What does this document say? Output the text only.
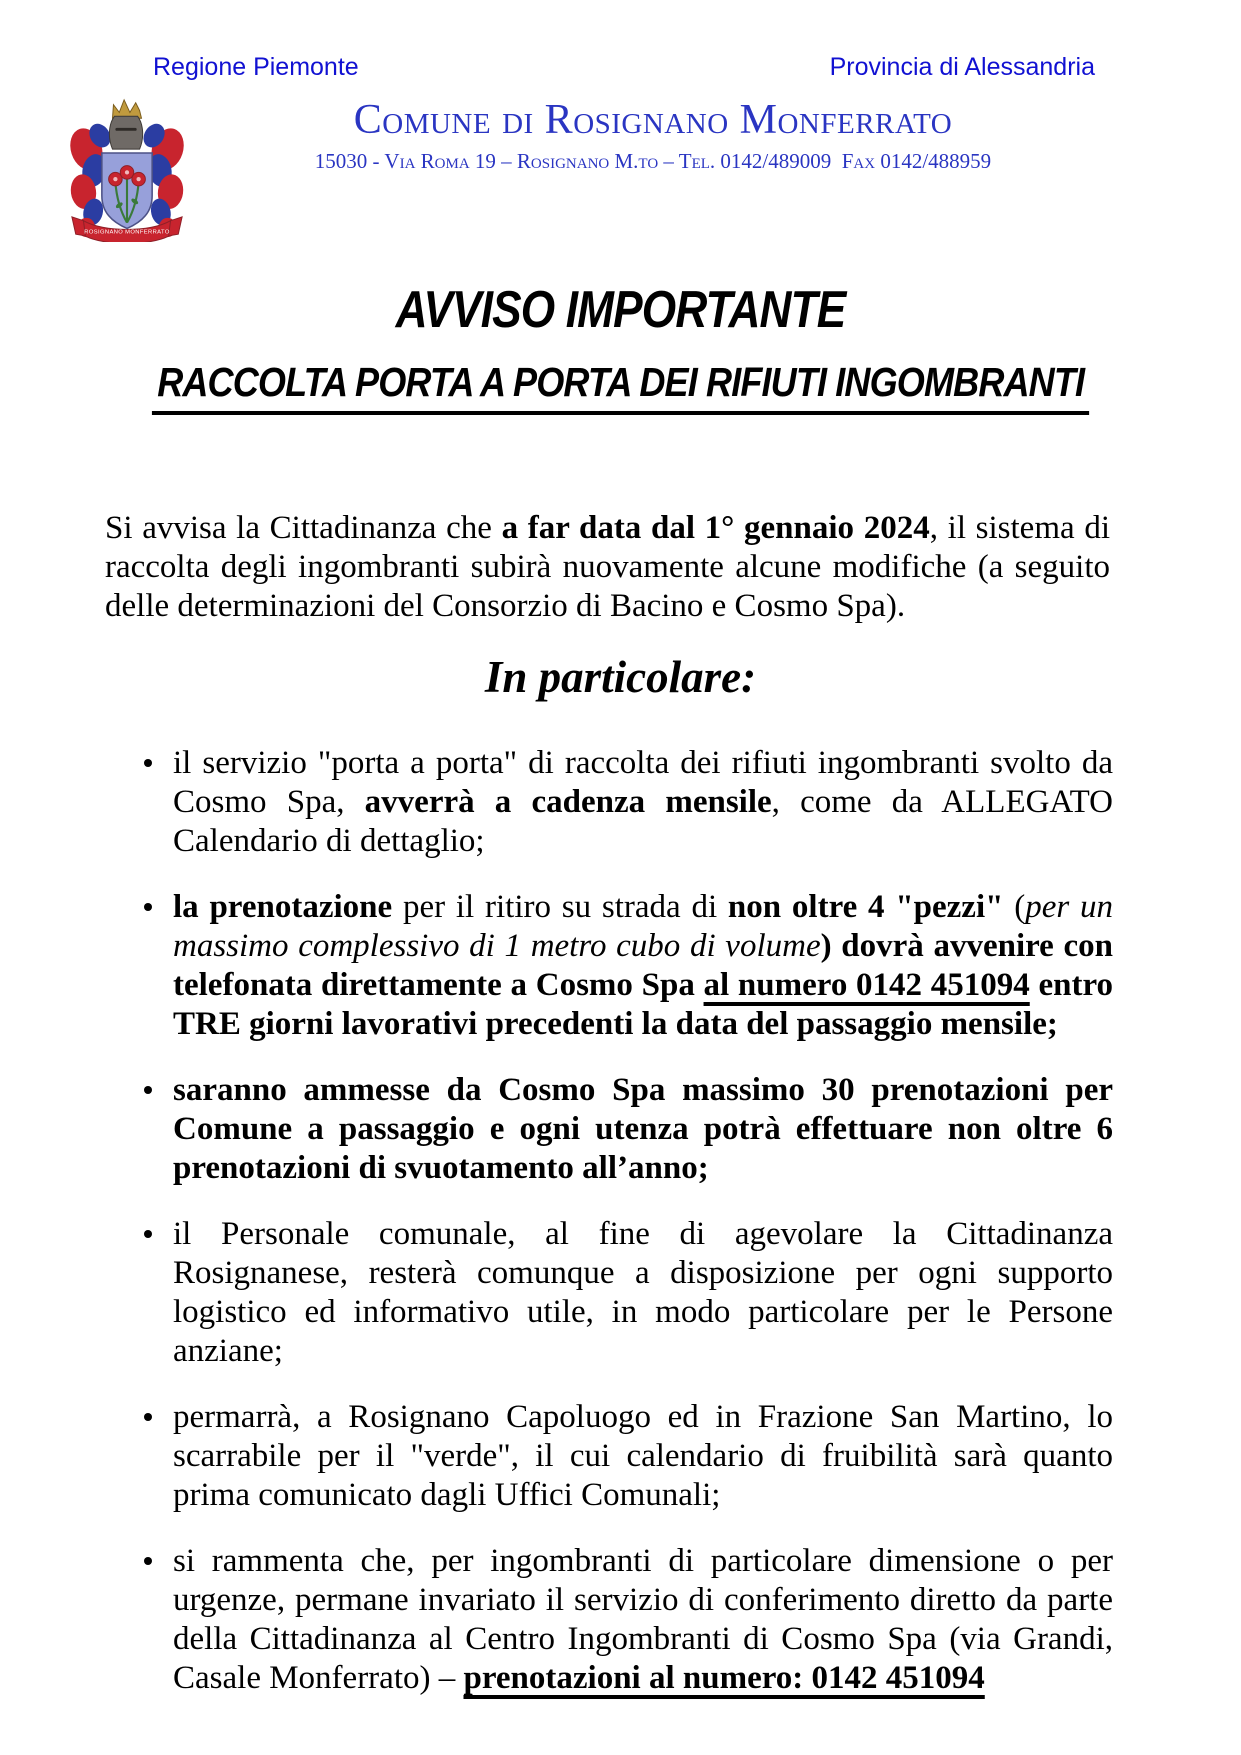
Regione Piemonte	Provincia di Alessandria
ROSIGNANO MONFERRATO
Comune di Rosignano Monferrato
15030 - Via Roma 19 – Rosignano M.to – Tel. 0142/489009  Fax 0142/488959
AVVISO IMPORTANTE
RACCOLTA PORTA A PORTA DEI RIFIUTI INGOMBRANTI

Si avvisa la Cittadinanza che a far data dal 1° gennaio 2024, il sistema di raccolta degli ingombranti subirà nuovamente alcune modifiche (a seguito delle determinazioni del Consorzio di Bacino e Cosmo Spa).

In particolare:
il servizio "porta a porta" di raccolta dei rifiuti ingombranti svolto da Cosmo Spa, avverrà a cadenza mensile, come da ALLEGATO Calendario di dettaglio;
la prenotazione per il ritiro su strada di non oltre 4 "pezzi" (per un massimo complessivo di 1 metro cubo di volume) dovrà avvenire con telefonata direttamente a Cosmo Spa al numero 0142 451094 entro TRE giorni lavorativi precedenti la data del passaggio mensile;
saranno ammesse da Cosmo Spa massimo 30 prenotazioni per Comune a passaggio e ogni utenza potrà effettuare non oltre 6 prenotazioni di svuotamento all’anno;
il Personale comunale, al fine di agevolare la Cittadinanza Rosignanese, resterà comunque a disposizione per ogni supporto logistico ed informativo utile, in modo particolare per le Persone anziane;
permarrà, a Rosignano Capoluogo ed in Frazione San Martino, lo scarrabile per il "verde", il cui calendario di fruibilità sarà quanto prima comunicato dagli Uffici Comunali;
si rammenta che, per ingombranti di particolare dimensione o per urgenze, permane invariato il servizio di conferimento diretto da parte della Cittadinanza al Centro Ingombranti di Cosmo Spa (via Grandi, Casale Monferrato) – prenotazioni al numero: 0142 451094
